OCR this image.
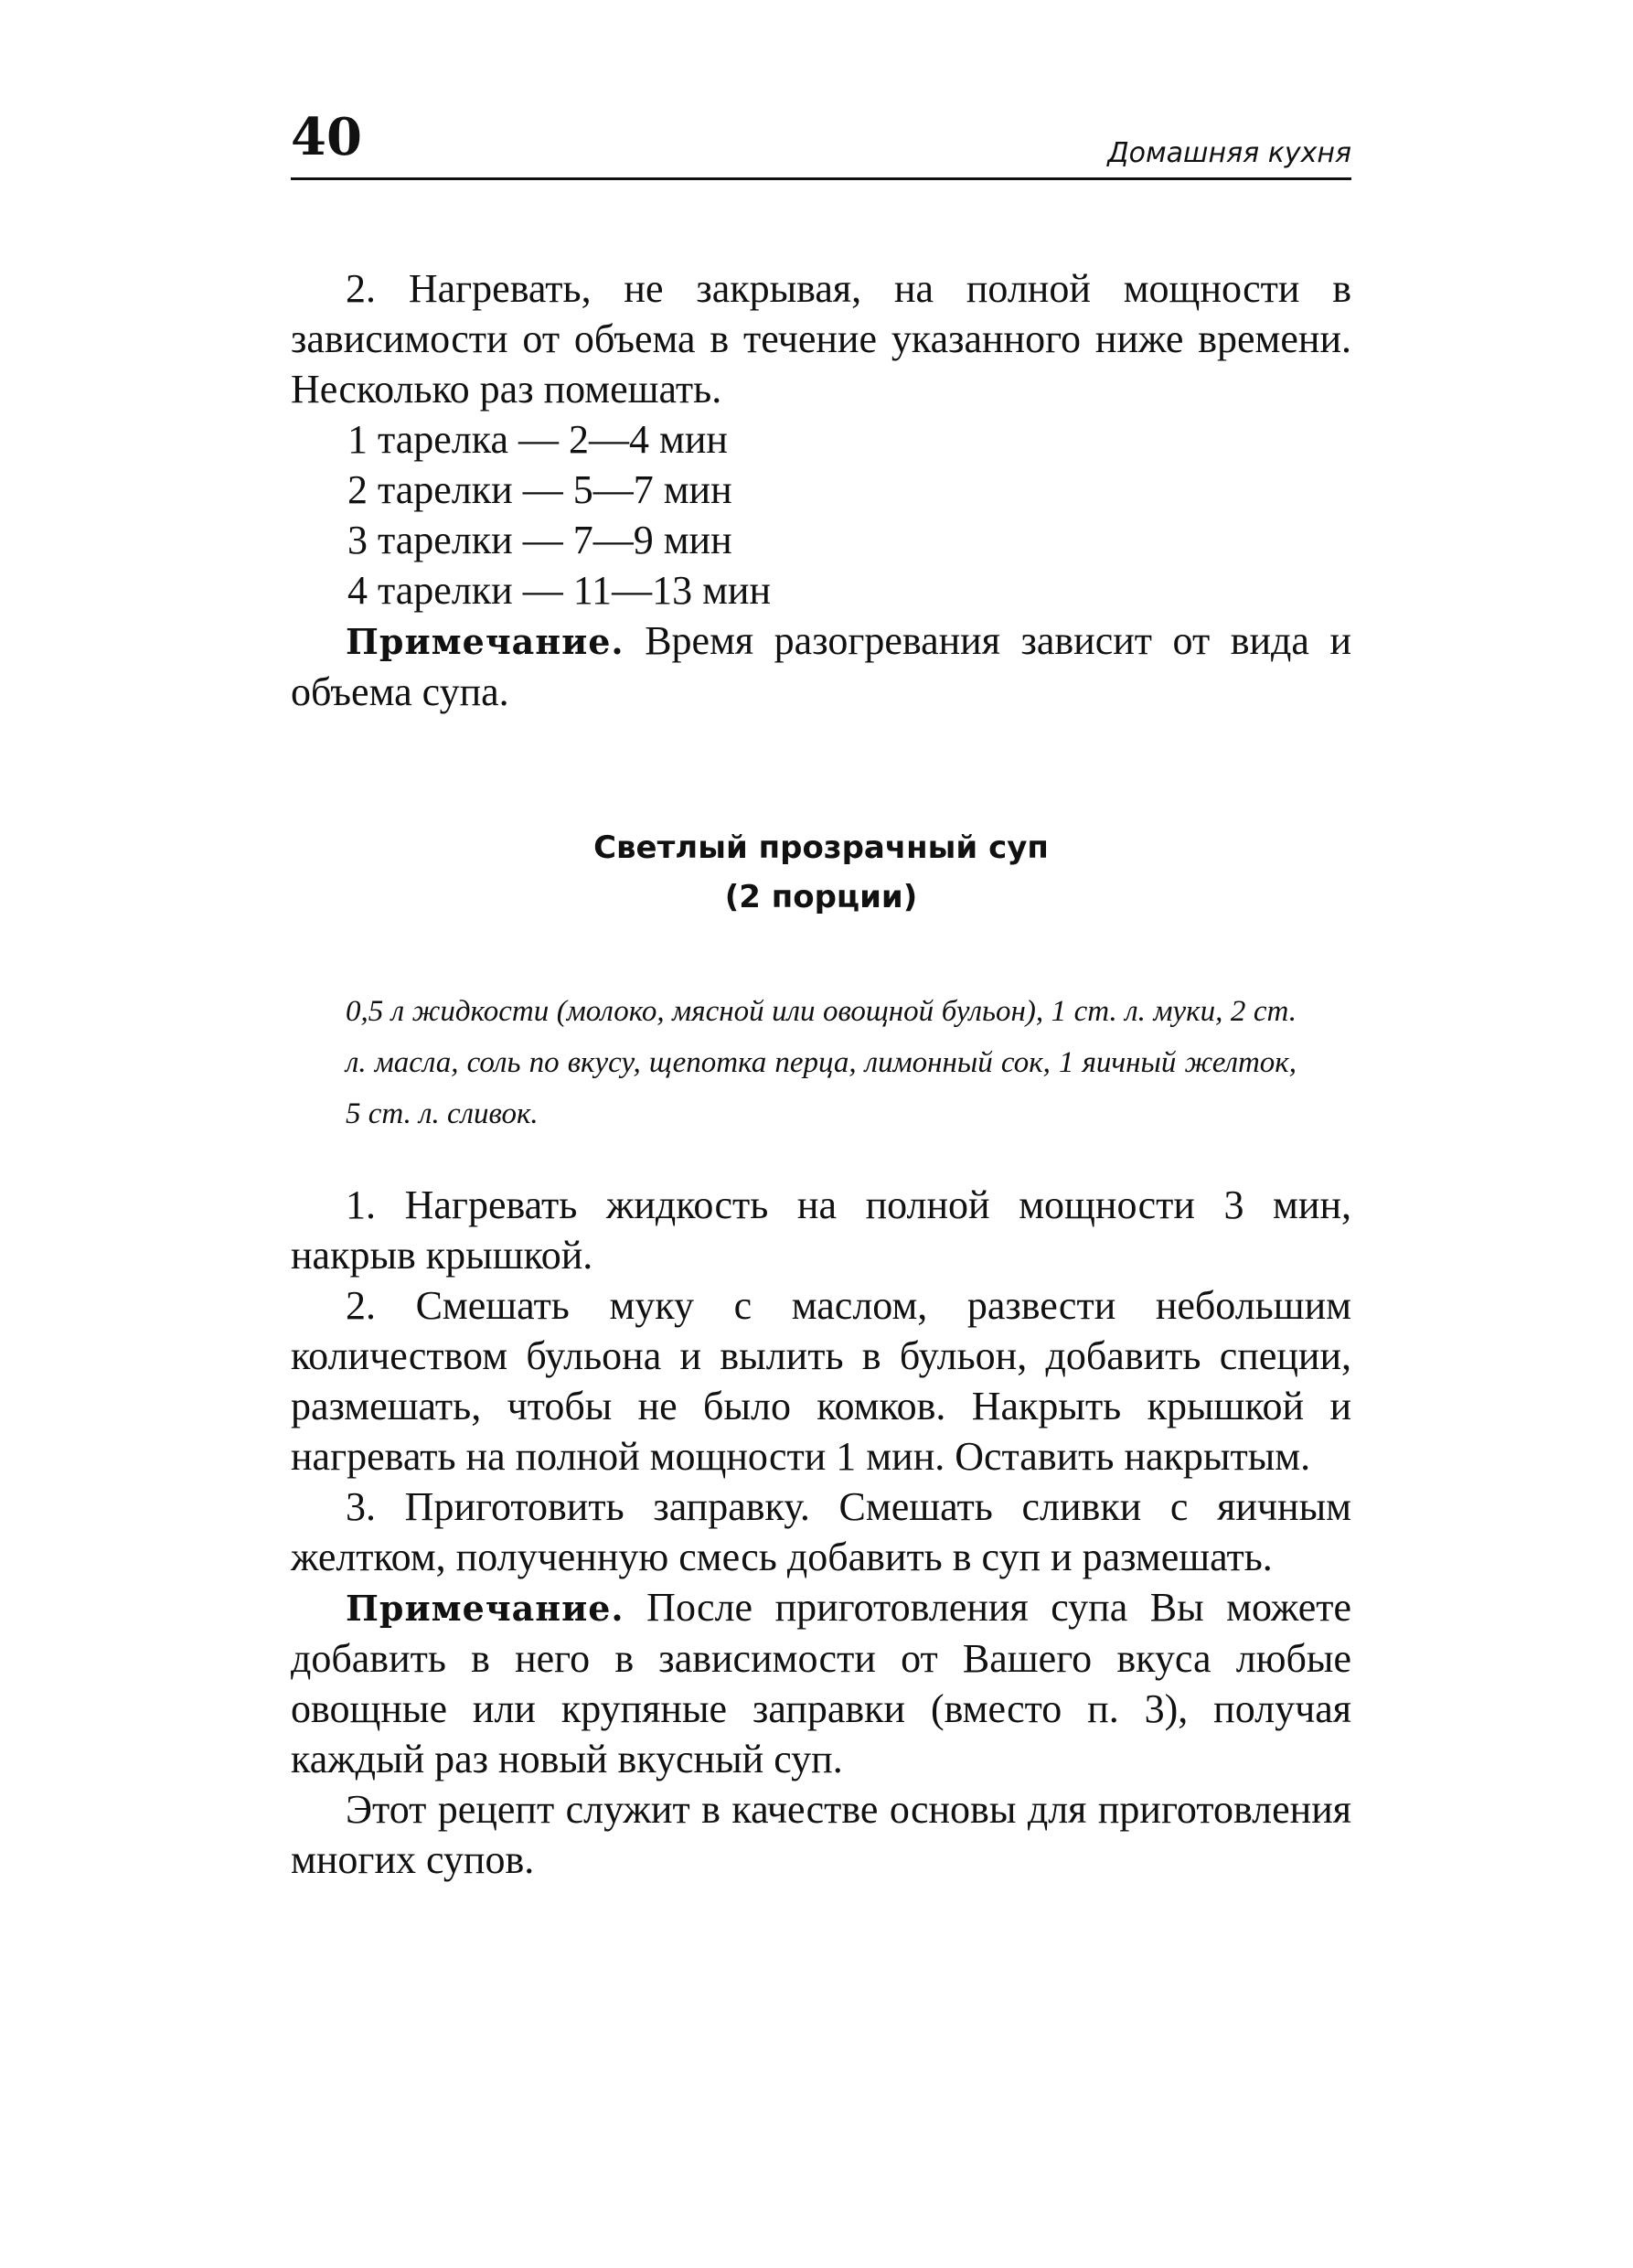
40	Домашняя кухня

2. Нагревать, не закрывая, на полной мощности в зависимости от объема в течение указанного ниже времени. Несколько раз помешать.

1 тарелка — 2—4 мин
2 тарелки — 5—7 мин
3 тарелки — 7—9 мин
4 тарелки — 11—13 мин

Примечание. Время разогревания зависит от вида и объема супа.

Светлый прозрачный суп
(2 порции)

0,5 л жидкости (молоко, мясной или овощной бульон), 1 ст. л. муки, 2 ст. л. масла, соль по вкусу, щепотка перца, лимонный сок, 1 яичный желток, 5 ст. л. сливок.

1. Нагревать жидкость на полной мощности 3 мин, накрыв крышкой.

2. Смешать муку с маслом, развести небольшим количеством бульона и вылить в бульон, добавить специи, размешать, чтобы не было комков. Накрыть крышкой и нагревать на полной мощности 1 мин. Оставить накрытым.

3. Приготовить заправку. Смешать сливки с яичным желтком, полученную смесь добавить в суп и размешать.

Примечание. После приготовления супа Вы можете добавить в него в зависимости от Вашего вкуса любые овощные или крупяные заправки (вместо п. 3), получая каждый раз новый вкусный суп.

Этот рецепт служит в качестве основы для приготовления многих супов.
